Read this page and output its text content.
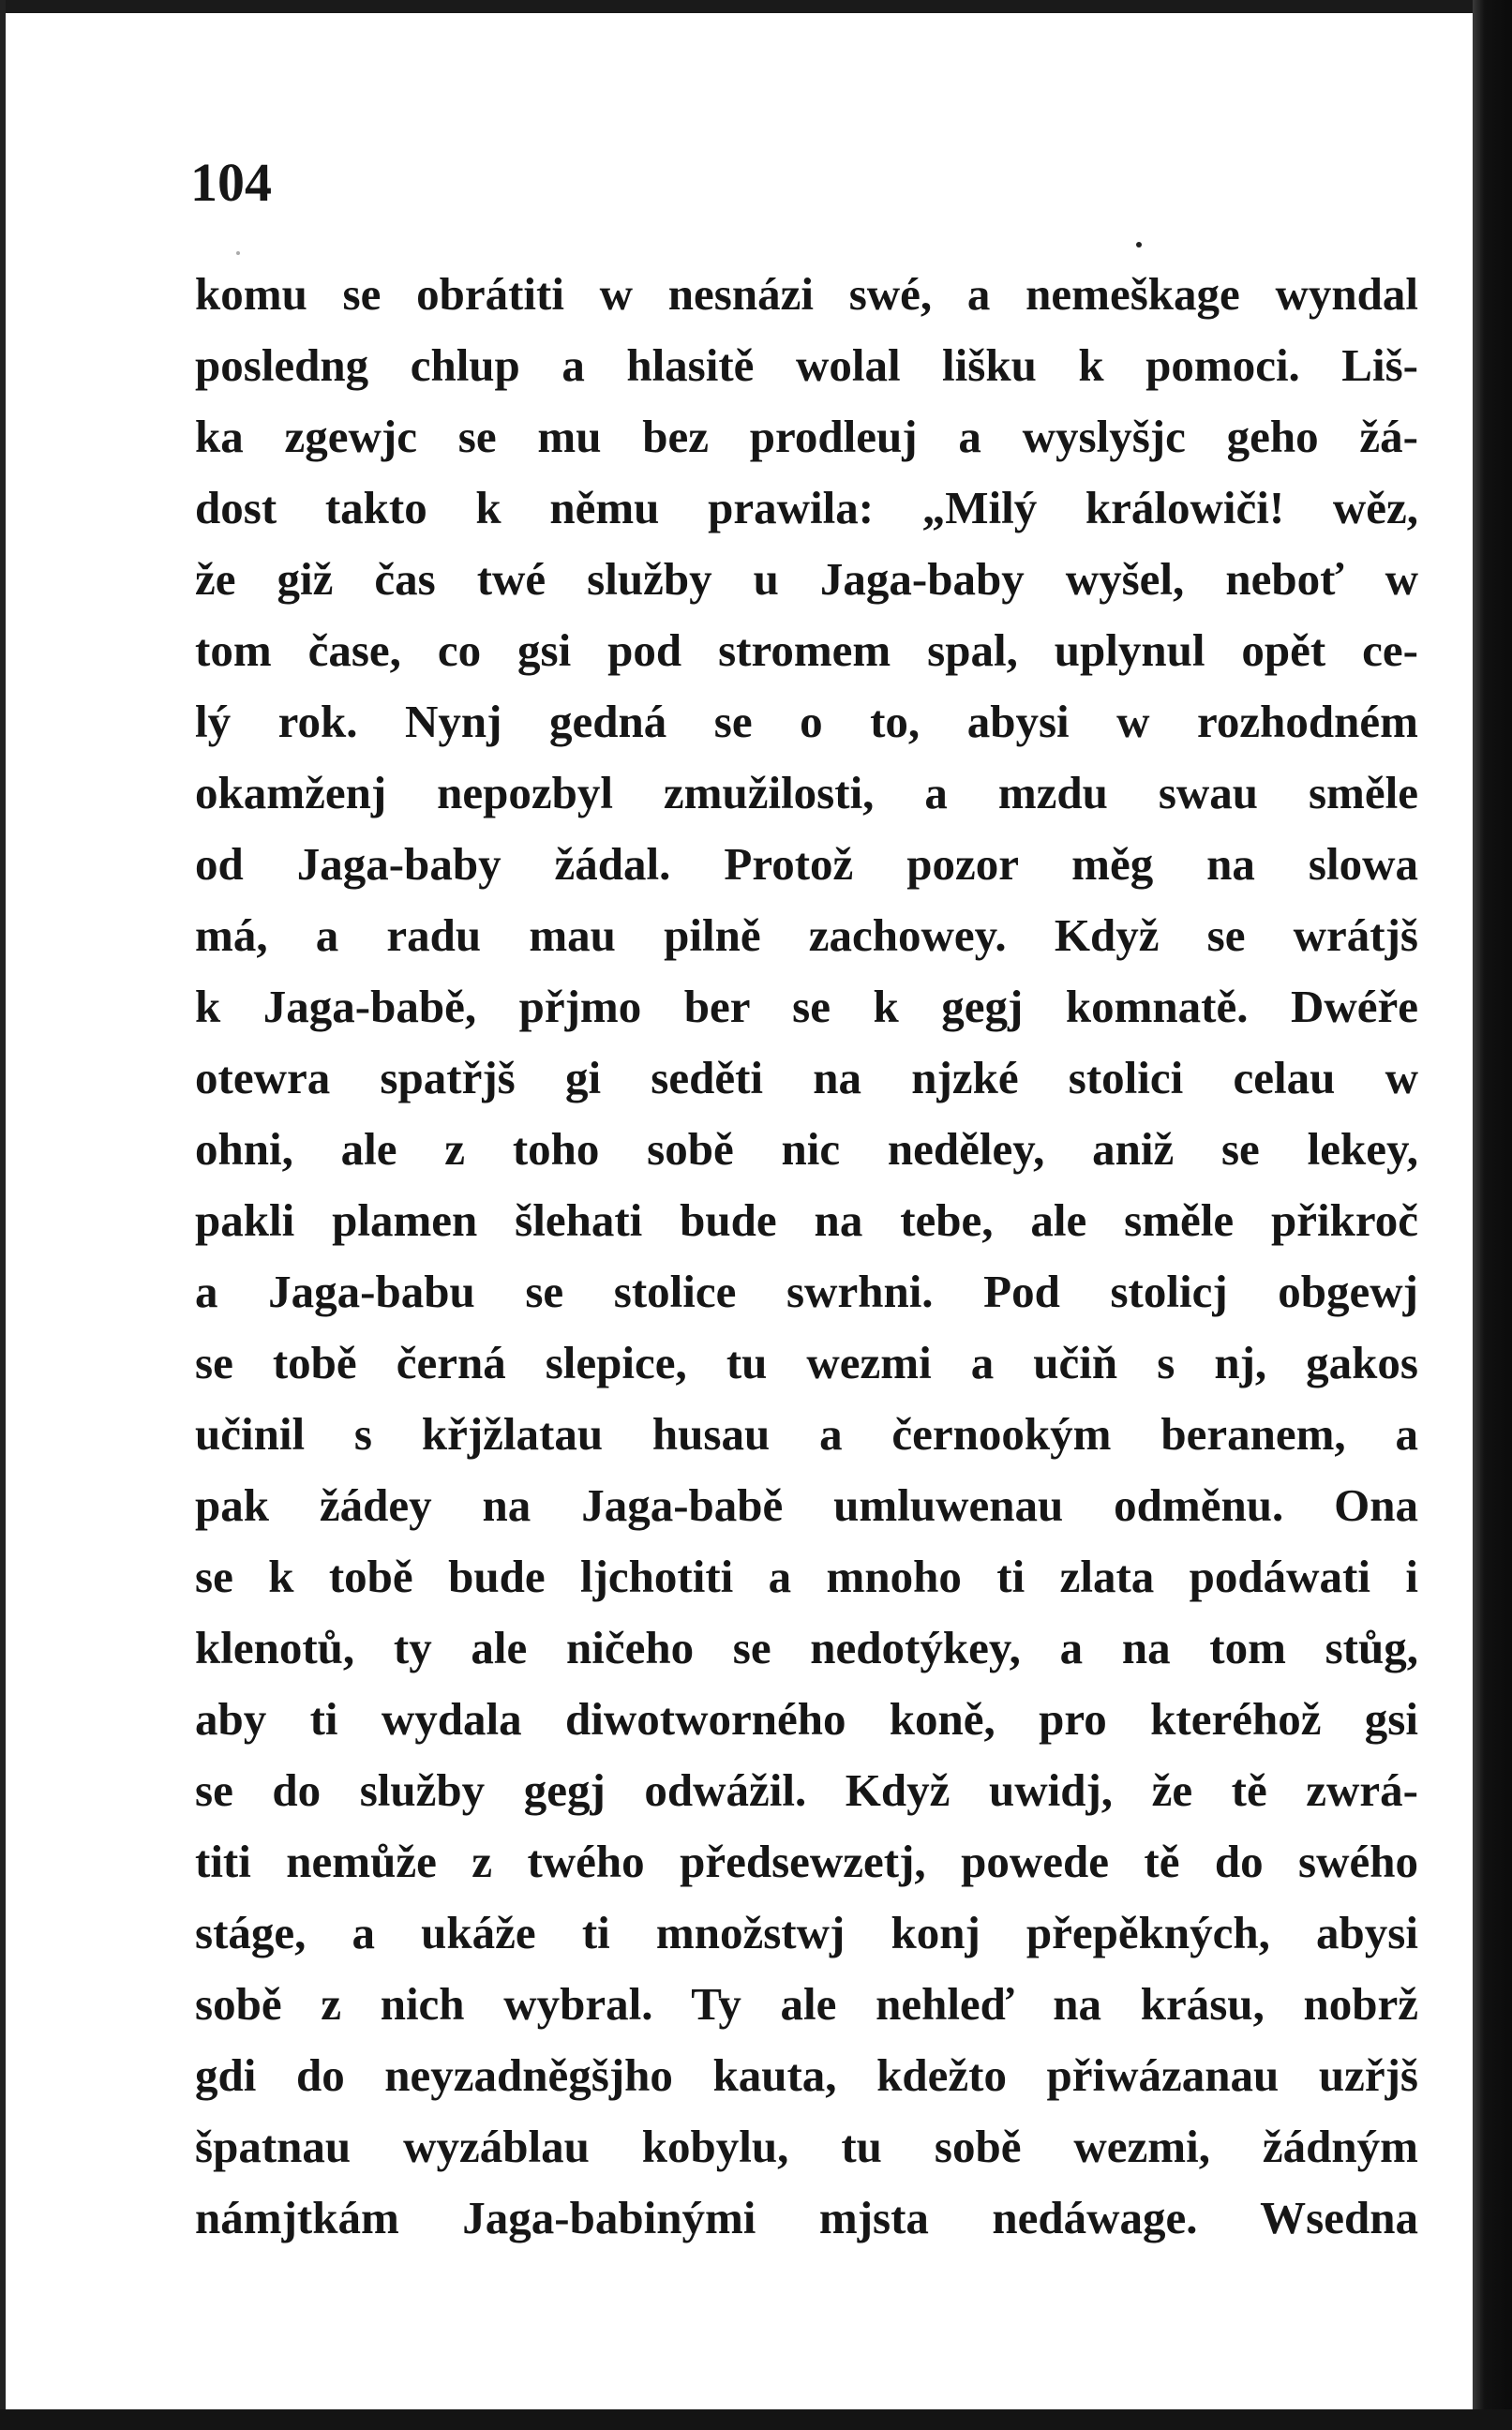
104
komu se obrátiti w nesnázi swé, a nemeškage wyndal
posledng chlup a hlasitě wolal lišku k pomoci. Liš-
ka zgewjc se mu bez prodleuj a wyslyšjc geho žá-
dost takto k němu prawila: „Milý králowiči! wěz,
že giž čas twé služby u Jaga-baby wyšel, neboť w
tom čase, co gsi pod stromem spal, uplynul opět ce-
lý rok. Nynj gedná se o to, abysi w rozhodném
okamženj nepozbyl zmužilosti, a mzdu swau směle
od Jaga-baby žádal. Protož pozor měg na slowa
má, a radu mau pilně zachowey. Když se wrátjš
k Jaga-babě, přjmo ber se k gegj komnatě. Dwéře
otewra spatřjš gi seděti na njzké stolici celau w
ohni, ale z toho sobě nic neděley, aniž se lekey,
pakli plamen šlehati bude na tebe, ale směle přikroč
a Jaga-babu se stolice swrhni. Pod stolicj obgewj
se tobě černá slepice, tu wezmi a učiň s nj, gakos
učinil s křjžlatau husau a černookým beranem, a
pak žádey na Jaga-babě umluwenau odměnu. Ona
se k tobě bude ljchotiti a mnoho ti zlata podáwati i
klenotů, ty ale ničeho se nedotýkey, a na tom stůg,
aby ti wydala diwotworného koně, pro kteréhož gsi
se do služby gegj odwážil. Když uwidj, že tě zwrá-
titi nemůže z twého předsewzetj, powede tě do swého
stáge, a ukáže ti množstwj konj přepěkných, abysi
sobě z nich wybral. Ty ale nehleď na krásu, nobrž
gdi do neyzadněgšjho kauta, kdežto přiwázanau uzřjš
špatnau wyzáblau kobylu, tu sobě wezmi, žádným
námjtkám Jaga-babinými mjsta nedáwage. Wsedna
